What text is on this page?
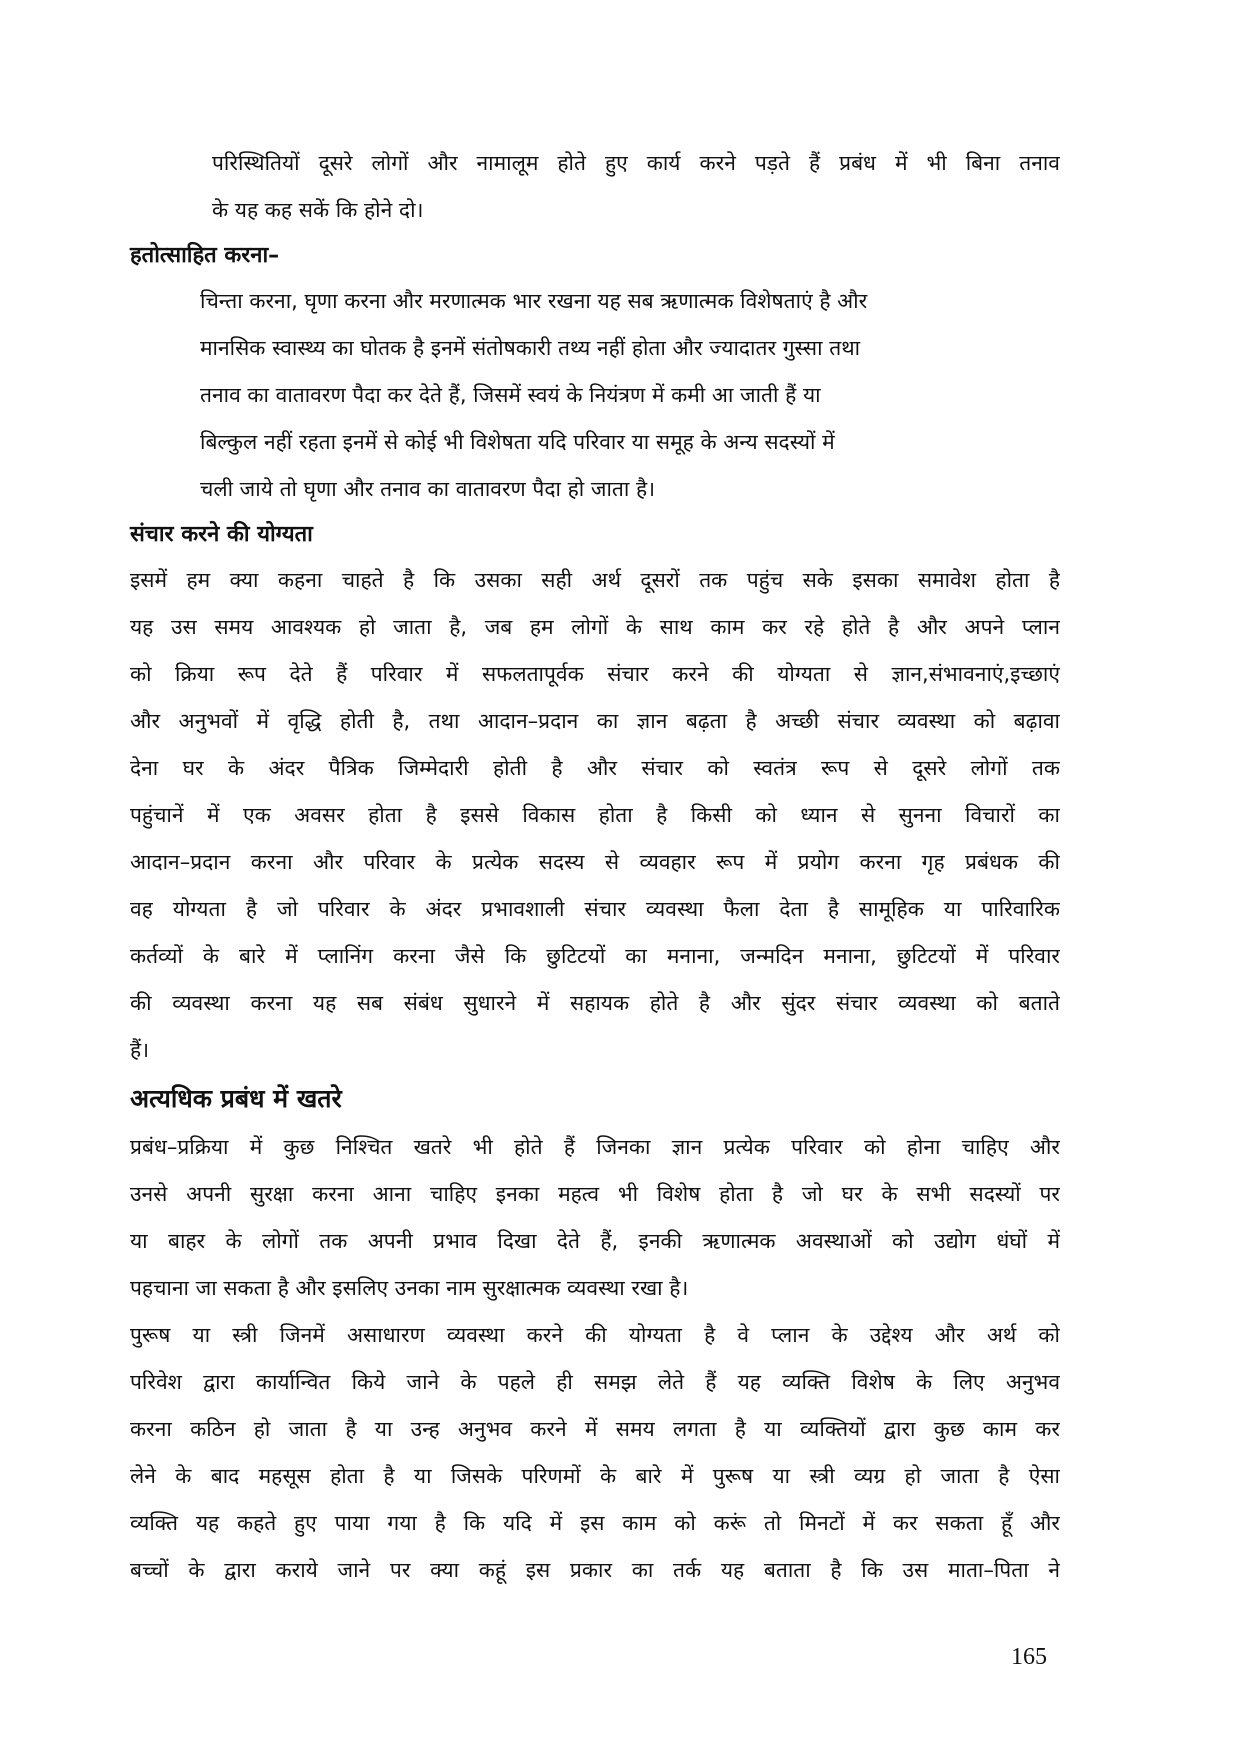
परिस्थितियों दूसरे लोगों और नामालूम होते हुए कार्य करने पड़ते हैं प्रबंध में भी बिना तनाव
के यह कह सकें कि होने दो।
हतोत्साहित करना–
चिन्ता करना, घृणा करना और मरणात्मक भार रखना यह सब ऋणात्मक विशेषताएं है और
मानसिक स्वास्थ्य का घोतक है इनमें संतोषकारी तथ्य नहीं होता और ज्यादातर गुस्सा तथा
तनाव का वातावरण पैदा कर देते हैं, जिसमें स्वयं के नियंत्रण में कमी आ जाती हैं या
बिल्कुल नहीं रहता इनमें से कोई भी विशेषता यदि परिवार या समूह के अन्य सदस्यों में
चली जाये तो घृणा और तनाव का वातावरण पैदा हो जाता है।
संचार करने की योग्यता
इसमें हम क्या कहना चाहते है कि उसका सही अर्थ दूसरों तक पहुंच सके इसका समावेश होता है
यह उस समय आवश्यक हो जाता है, जब हम लोगों के साथ काम कर रहे होते है और अपने प्लान
को क्रिया रूप देते हैं परिवार में सफलतापूर्वक संचार करने की योग्यता से ज्ञान,संभावनाएं,इच्छाएं
और अनुभवों में वृद्धि होती है, तथा आदान–प्रदान का ज्ञान बढ़ता है अच्छी संचार व्यवस्था को बढ़ावा
देना घर के अंदर पैत्रिक जिम्मेदारी होती है और संचार को स्वतंत्र रूप से दूसरे लोगों तक
पहुंचानें में एक अवसर होता है इससे विकास होता है किसी को ध्यान से सुनना विचारों का
आदान–प्रदान करना और परिवार के प्रत्येक सदस्य से व्यवहार रूप में प्रयोग करना गृह प्रबंधक की
वह योग्यता है जो परिवार के अंदर प्रभावशाली संचार व्यवस्था फैला देता है सामूहिक या पारिवारिक
कर्तव्यों के बारे में प्लानिंग करना जैसे कि छुटिटयों का मनाना, जन्मदिन मनाना, छुटिटयों में परिवार
की व्यवस्था करना यह सब संबंध सुधारने में सहायक होते है और सुंदर संचार व्यवस्था को बताते
हैं।
अत्यधिक प्रबंध में खतरे
प्रबंध–प्रक्रिया में कुछ निश्चित खतरे भी होते हैं जिनका ज्ञान प्रत्येक परिवार को होना चाहिए और
उनसे अपनी सुरक्षा करना आना चाहिए इनका महत्व भी विशेष होता है जो घर के सभी सदस्यों पर
या बाहर के लोगों तक अपनी प्रभाव दिखा देते हैं, इनकी ऋणात्मक अवस्थाओं को उद्योग धंघों में
पहचाना जा सकता है और इसलिए उनका नाम सुरक्षात्मक व्यवस्था रखा है।
पुरूष या स्त्री जिनमें असाधारण व्यवस्था करने की योग्यता है वे प्लान के उद्देश्य और अर्थ को
परिवेश द्वारा कार्यान्वित किये जाने के पहले ही समझ लेते हैं यह व्यक्ति विशेष के लिए अनुभव
करना कठिन हो जाता है या उन्ह अनुभव करने में समय लगता है या व्यक्तियों द्वारा कुछ काम कर
लेने के बाद महसूस होता है या जिसके परिणमों के बारे में पुरूष या स्त्री व्यग्र हो जाता है ऐसा
व्यक्ति यह कहते हुए पाया गया है कि यदि में इस काम को करूं तो मिनटों में कर सकता हूँ और
बच्चों के द्वारा कराये जाने पर क्या कहूं इस प्रकार का तर्क यह बताता है कि उस माता–पिता ने
165
